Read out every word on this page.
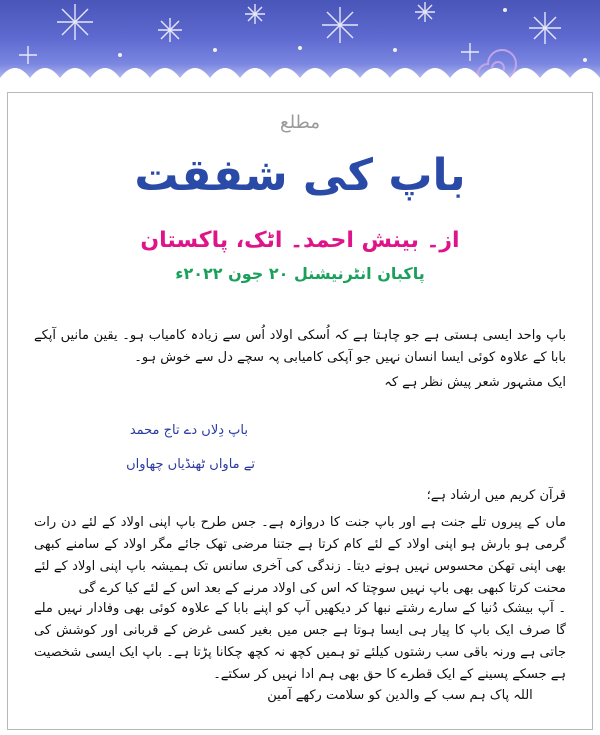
مطلع
باپ کی شفقت
از۔ بینش احمد۔ اٹک، پاکستان
پاکبان انٹرنیشنل ۲۰ جون ۲۰۲۲ء
باپ واحد ایسی ہستی ہے جو چاہتا ہے کہ اُسکی اولاد اُس سے زیادہ کامیاب ہو۔ یقین مانیں آپکے بابا کے علاوہ کوئی ایسا انسان نہیں جو آپکی کامیابی پہ سچے دل سے خوش ہو۔
ایک مشہور شعر پیش نظر ہے کہ
باپ دِلاں دے تاج محمد
تے ماواں ٹھنڈیاں چھاواں
قرآن کریم میں ارشاد ہے؛
ماں کے پیروں تلے جنت ہے اور باپ جنت کا دروازہ ہے۔ جس طرح باپ اپنی اولاد کے لئے دن رات گرمی ہو بارش ہو اپنی اولاد کے لئے کام کرتا ہے جتنا مرضی تھک جائے مگر اولاد کے سامنے کبھی بھی اپنی تھکن محسوس نہیں ہونے دیتا۔ زندگی کی آخری سانس تک ہمیشہ باپ اپنی اولاد کے لئے محنت کرتا کبھی بھی باپ نہیں سوچتا کہ اس کی اولاد مرنے کے بعد اس کے لئے کیا کرے گی
۔ آپ بیشک دُنیا کے سارے رشتے نبھا کر دیکھیں آپ کو اپنے بابا کے علاوہ کوئی بھی وفادار نہیں ملے گا صرف ایک باپ کا پیار ہی ایسا ہوتا ہے جس میں بغیر کسی غرض کے قربانی اور کوشش کی جاتی ہے ورنہ باقی سب رشتوں کیلئے تو ہمیں کچھ نہ کچھ چکانا پڑتا ہے۔ باپ ایک ایسی شخصیت ہے جسکے پسینے کے ایک قطرے کا حق بھی ہم ادا نہیں کر سکتے۔
اللہ پاک ہم سب کے والدین کو سلامت رکھے آمین
